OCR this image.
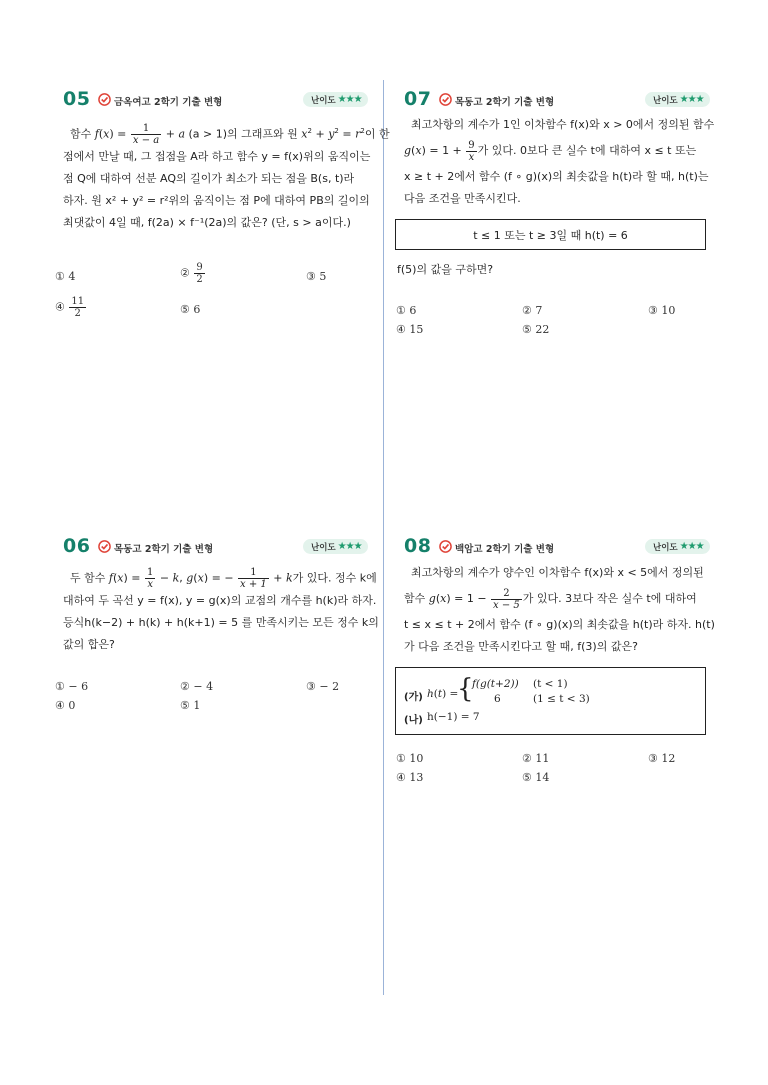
05 금옥여고 2학기 기출 변형	난이도 ★★★
함수 $f(x) = \frac{1}{x - a} + a$ (a > 1)의 그래프와 원 $x^2 + y^2 = r^2$이 한
점에서 만날 때, 그 접점을 A라 하고 함수 y = f(x)위의 움직이는
점 Q에 대하여 선분 AQ의 길이가 최소가 되는 점을 B(s, t)라
하자. 원 x² + y² = r²위의 움직이는 점 P에 대하여 PB의 길이의
최댓값이 4일 때, f(2a) × f⁻¹(2a)의 값은? (단, s > a이다.)
① 4	② $\frac{9}{2}$	③ 5
④ $\frac{11}{2}$	⑤ 6
06 목동고 2학기 기출 변형	난이도 ★★★
두 함수 $f(x) = \frac{1}{x} - k$, g(x) = − $\frac{1}{x + 1} + k$가 있다. 정수 k에
대하여 두 곡선 y = f(x), y = g(x)의 교점의 개수를 h(k)라 하자.
등식h(k−2) + h(k) + h(k+1) = 5 를 만족시키는 모든 정수 k의
값의 합은?
① − 6	② − 4	③ − 2
④ 0	⑤ 1
07 목동고 2학기 기출 변형	난이도 ★★★
최고차항의 계수가 1인 이차함수 f(x)와 x > 0에서 정의된 함수
$g(x) = 1 + \frac{9}{x}$ 가 있다. 0보다 큰 실수 t에 대하여 x ≤ t 또는
x ≥ t + 2에서 함수 (f ∘ g)(x)의 최솟값을 h(t)라 할 때, h(t)는
다음 조건을 만족시킨다.
t ≤ 1 또는 t ≥ 3일 때 h(t) = 6
f(5)의 값을 구하면?
① 6	② 7	③ 10
④ 15	⑤ 22
08 백암고 2학기 기출 변형	난이도 ★★★
최고차항의 계수가 양수인 이차함수 f(x)와 x < 5에서 정의된
함수 $g(x) = 1 - \frac{2}{x - 5}$ 가 있다. 3보다 작은 실수 t에 대하여
t ≤ x ≤ t + 2에서 함수 (f ∘ g)(x)의 최솟값을 h(t)라 하자. h(t)
가 다음 조건을 만족시킨다고 할 때, f(3)의 값은?
(가) h(t) =
{
f(g(t+2)) (t < 1)
6	(1 ≤ t < 3)
(나) h(−1) = 7
① 10	② 11	③ 12
④ 13	⑤ 14
